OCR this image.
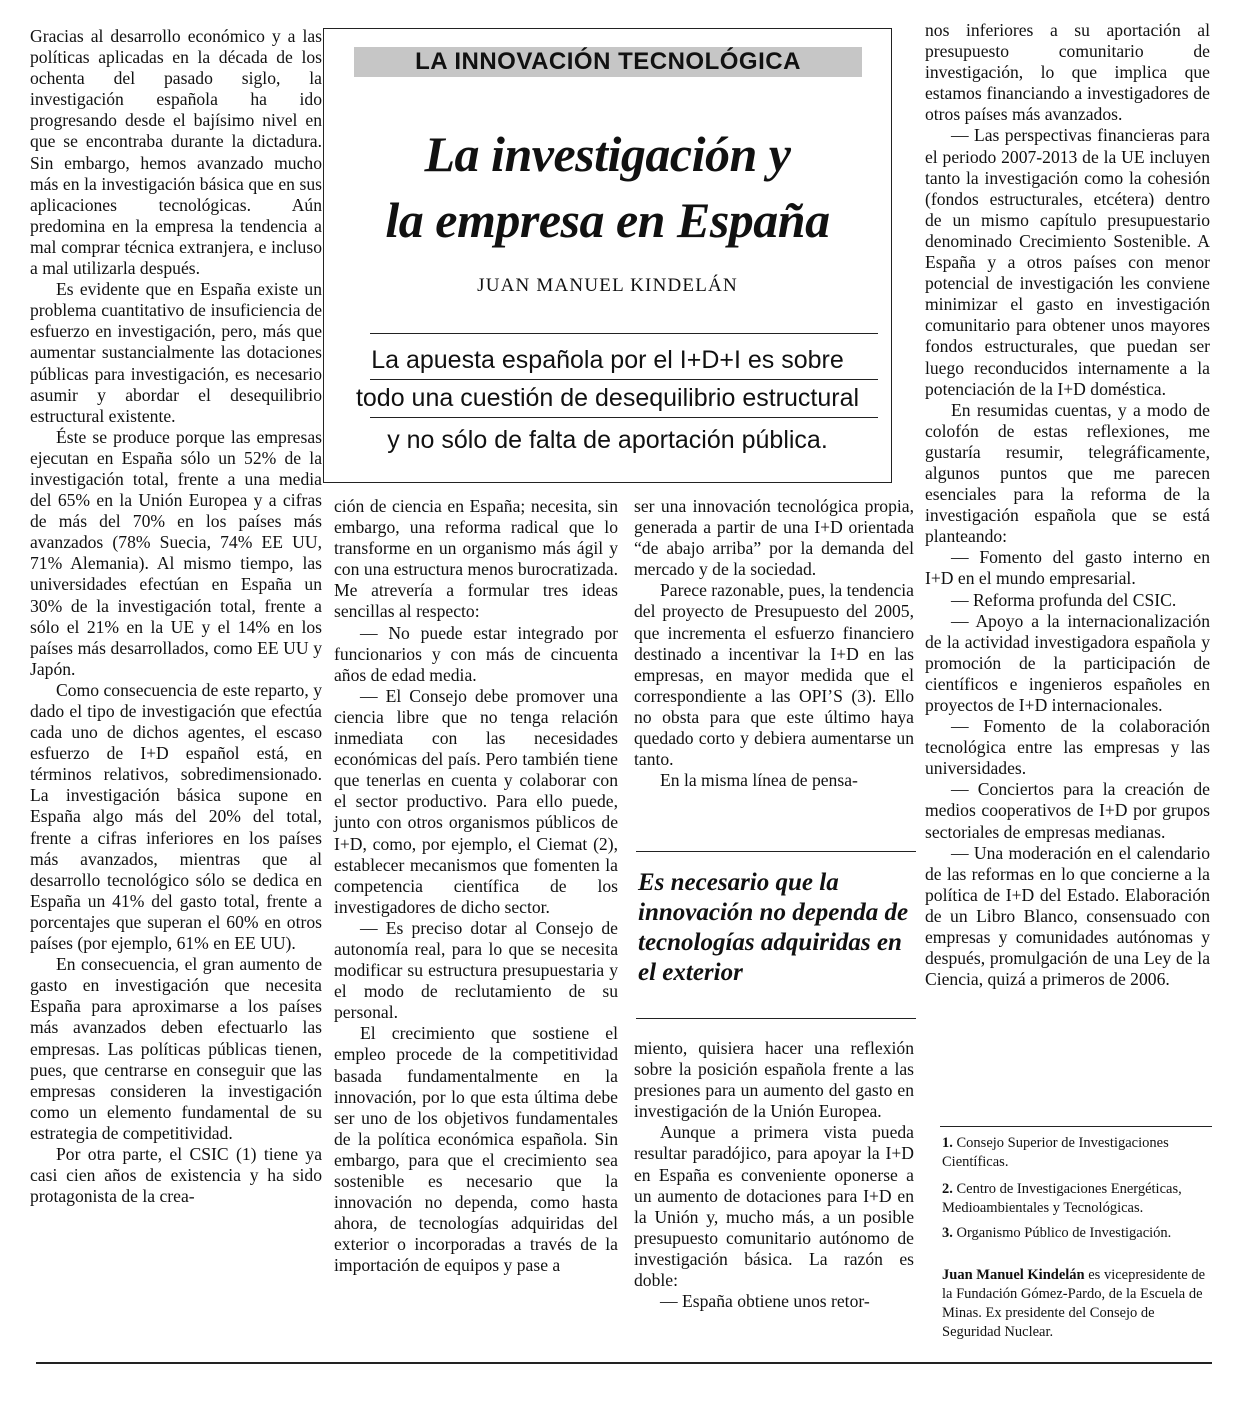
Gracias al desarrollo económico y a las políticas aplicadas en la década de los ochenta del pasado siglo, la investigación española ha ido progresando desde el bajísimo nivel en que se encontraba durante la dictadura. Sin embargo, hemos avanzado mucho más en la investigación básica que en sus aplicaciones tecnológicas. Aún predomina en la empresa la tendencia a mal comprar técnica extranjera, e incluso a mal utilizarla después.

Es evidente que en España existe un problema cuantitativo de insuficiencia de esfuerzo en investigación, pero, más que aumentar sustancialmente las dotaciones públicas para investigación, es necesario asumir y abordar el desequilibrio estructural existente.

Éste se produce porque las empresas ejecutan en España sólo un 52% de la investigación total, frente a una media del 65% en la Unión Europea y a cifras de más del 70% en los países más avanzados (78% Suecia, 74% EE UU, 71% Alemania). Al mismo tiempo, las universidades efectúan en España un 30% de la investigación total, frente a sólo el 21% en la UE y el 14% en los países más desarrollados, como EE UU y Japón.

Como consecuencia de este reparto, y dado el tipo de investigación que efectúa cada uno de dichos agentes, el escaso esfuerzo de I+D español está, en términos relativos, sobredimensionado. La investigación básica supone en España algo más del 20% del total, frente a cifras inferiores en los países más avanzados, mientras que al desarrollo tecnológico sólo se dedica en España un 41% del gasto total, frente a porcentajes que superan el 60% en otros países (por ejemplo, 61% en EE UU).

En consecuencia, el gran aumento de gasto en investigación que necesita España para aproximarse a los países más avanzados deben efectuarlo las empresas. Las políticas públicas tienen, pues, que centrarse en conseguir que las empresas consideren la investigación como un elemento fundamental de su estrategia de competitividad.

Por otra parte, el CSIC (1) tiene ya casi cien años de existencia y ha sido protagonista de la crea-

LA INNOVACIÓN TECNOLÓGICA
La investigación y
la empresa en España
JUAN MANUEL KINDELÁN
La apuesta española por el I+D+I es sobre
todo una cuestión de desequilibrio estructural
y no sólo de falta de aportación pública.

ción de ciencia en España; necesita, sin embargo, una reforma radical que lo transforme en un organismo más ágil y con una estructura menos burocratizada. Me atrevería a formular tres ideas sencillas al respecto:

— No puede estar integrado por funcionarios y con más de cincuenta años de edad media.

— El Consejo debe promover una ciencia libre que no tenga relación inmediata con las necesidades económicas del país. Pero también tiene que tenerlas en cuenta y colaborar con el sector productivo. Para ello puede, junto con otros organismos públicos de I+D, como, por ejemplo, el Ciemat (2), establecer mecanismos que fomenten la competencia científica de los investigadores de dicho sector.

— Es preciso dotar al Consejo de autonomía real, para lo que se necesita modificar su estructura presupuestaria y el modo de reclutamiento de su personal.

El crecimiento que sostiene el empleo procede de la competitividad basada fundamentalmente en la innovación, por lo que esta última debe ser uno de los objetivos fundamentales de la política económica española. Sin embargo, para que el crecimiento sea sostenible es necesario que la innovación no dependa, como hasta ahora, de tecnologías adquiridas del exterior o incorporadas a través de la importación de equipos y pase a

ser una innovación tecnológica propia, generada a partir de una I+D orientada “de abajo arriba” por la demanda del mercado y de la sociedad.

Parece razonable, pues, la tendencia del proyecto de Presupuesto del 2005, que incrementa el esfuerzo financiero destinado a incentivar la I+D en las empresas, en mayor medida que el correspondiente a las OPI’S (3). Ello no obsta para que este último haya quedado corto y debiera aumentarse un tanto.

En la misma línea de pensa-

Es necesario que la innovación no dependa de tecnologías adquiridas en el exterior

miento, quisiera hacer una reflexión sobre la posición española frente a las presiones para un aumento del gasto en investigación de la Unión Europea.

Aunque a primera vista pueda resultar paradójico, para apoyar la I+D en España es conveniente oponerse a un aumento de dotaciones para I+D en la Unión y, mucho más, a un posible presupuesto comunitario autónomo de investigación básica. La razón es doble:

— España obtiene unos retor-

nos inferiores a su aportación al presupuesto comunitario de investigación, lo que implica que estamos financiando a investigadores de otros países más avanzados.

— Las perspectivas financieras para el periodo 2007-2013 de la UE incluyen tanto la investigación como la cohesión (fondos estructurales, etcétera) dentro de un mismo capítulo presupuestario denominado Crecimiento Sostenible. A España y a otros países con menor potencial de investigación les conviene minimizar el gasto en investigación comunitario para obtener unos mayores fondos estructurales, que puedan ser luego reconducidos internamente a la potenciación de la I+D doméstica.

En resumidas cuentas, y a modo de colofón de estas reflexiones, me gustaría resumir, telegráficamente, algunos puntos que me parecen esenciales para la reforma de la investigación española que se está planteando:

— Fomento del gasto interno en I+D en el mundo empresarial.

— Reforma profunda del CSIC.

— Apoyo a la internacionalización de la actividad investigadora española y promoción de la participación de científicos e ingenieros españoles en proyectos de I+D internacionales.

— Fomento de la colaboración tecnológica entre las empresas y las universidades.

— Conciertos para la creación de medios cooperativos de I+D por grupos sectoriales de empresas medianas.

— Una moderación en el calendario de las reformas en lo que concierne a la política de I+D del Estado. Elaboración de un Libro Blanco, consensuado con empresas y comunidades autónomas y después, promulgación de una Ley de la Ciencia, quizá a primeros de 2006.

1. Consejo Superior de Investigaciones Científicas.
2. Centro de Investigaciones Energéticas, Medioambientales y Tecnológicas.
3. Organismo Público de Investigación.
Juan Manuel Kindelán es vicepresidente de la Fundación Gómez-Pardo, de la Escuela de Minas. Ex presidente del Consejo de Seguridad Nuclear.
